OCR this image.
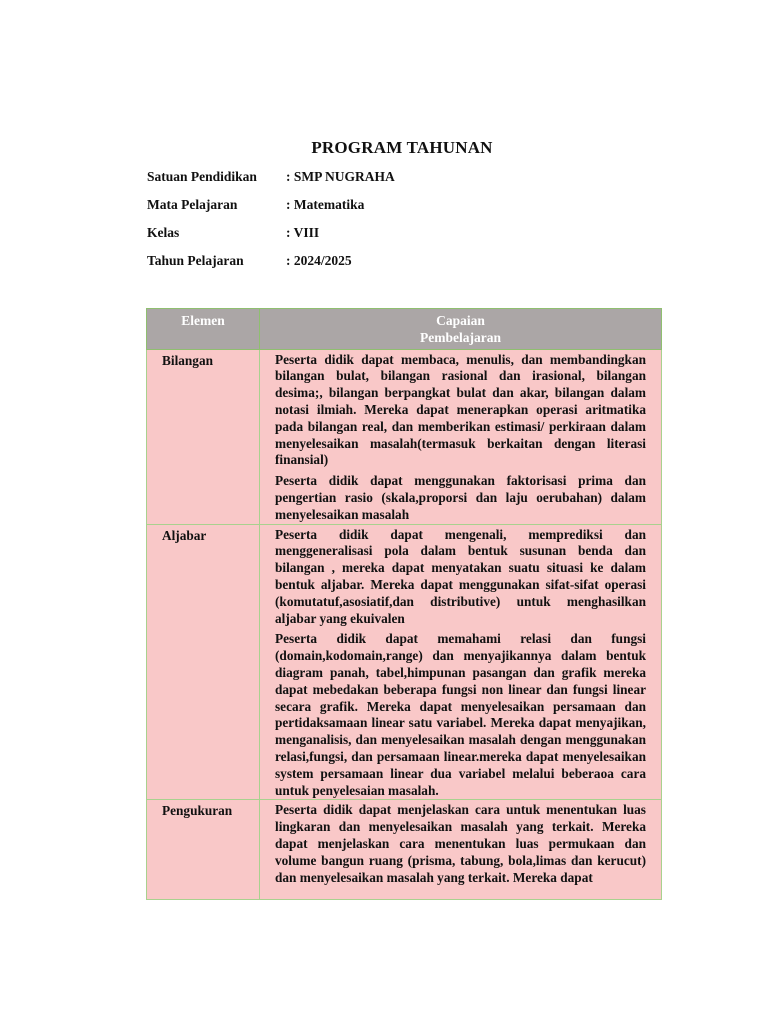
PROGRAM TAHUNAN
Satuan Pendidikan	: SMP NUGRAHA
Mata Pelajaran	: Matematika
Kelas	: VIII
Tahun Pelajaran	: 2024/2025
Elemen	Capaian
Pembelajaran

Bilangan	Peserta didik dapat membaca, menulis, dan membandingkan bilangan bulat, bilangan rasional dan irasional, bilangan desima;, bilangan berpangkat bulat dan akar, bilangan dalam notasi ilmiah. Mereka dapat menerapkan operasi aritmatika pada bilangan real, dan memberikan estimasi/ perkiraan dalam menyelesaikan masalah(termasuk berkaitan dengan literasi finansial)
Peserta didik dapat menggunakan faktorisasi prima dan pengertian rasio (skala,proporsi dan laju oerubahan) dalam menyelesaikan masalah

Aljabar	Peserta didik dapat mengenali, memprediksi dan menggeneralisasi pola dalam bentuk susunan benda dan bilangan , mereka dapat menyatakan suatu situasi ke dalam bentuk aljabar. Mereka dapat menggunakan sifat-sifat operasi (komutatuf,asosiatif,dan distributive) untuk menghasilkan aljabar yang ekuivalen
Peserta didik dapat memahami relasi dan fungsi (domain,kodomain,range) dan menyajikannya dalam bentuk diagram panah, tabel,himpunan pasangan dan grafik mereka dapat mebedakan beberapa fungsi non linear dan fungsi linear secara grafik. Mereka dapat menyelesaikan persamaan dan pertidaksamaan linear satu variabel. Mereka dapat menyajikan, menganalisis, dan menyelesaikan masalah dengan menggunakan relasi,fungsi, dan persamaan linear.mereka dapat menyelesaikan system persamaan linear dua variabel melalui beberaoa cara untuk penyelesaian masalah.

Pengukuran	Peserta didik dapat menjelaskan cara untuk menentukan luas lingkaran dan menyelesaikan masalah yang terkait. Mereka dapat menjelaskan cara menentukan luas permukaan dan volume bangun ruang (prisma, tabung, bola,limas dan kerucut) dan menyelesaikan masalah yang terkait. Mereka dapat
